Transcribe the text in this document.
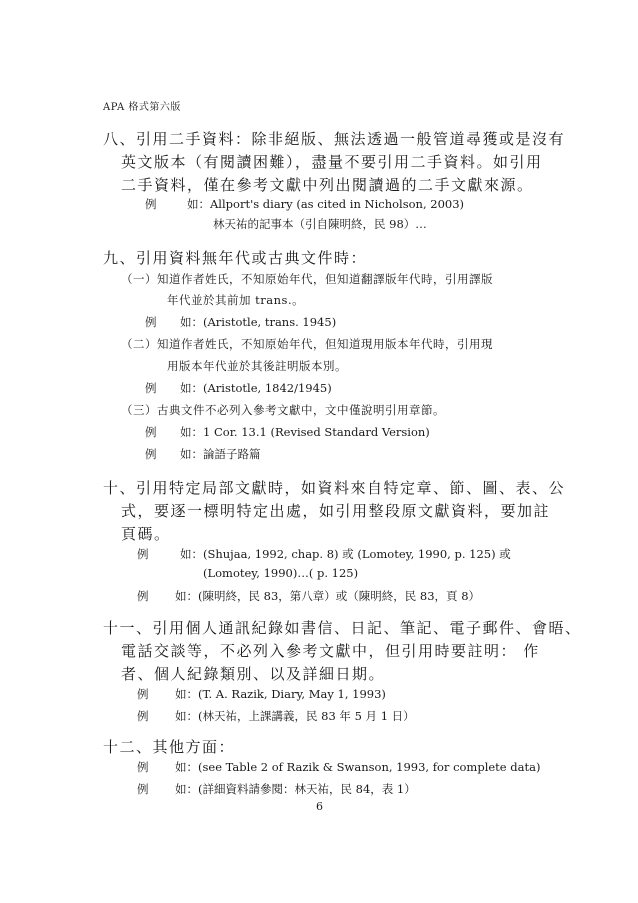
APA 格式第六版
八、引用二手資料：除非絕版、無法透過一般管道尋獲或是沒有
英文版本（有閱讀困難），盡量不要引用二手資料。如引用
二手資料，僅在參考文獻中列出閱讀過的二手文獻來源。
例	如：Allport's diary (as cited in Nicholson, 2003)
林天祐的記事本（引自陳明終，民 98）…
九、引用資料無年代或古典文件時：
（一）知道作者姓氏，不知原始年代，但知道翻譯版年代時，引用譯版
年代並於其前加 trans.。
例 如：(Aristotle, trans. 1945)
（二）知道作者姓氏，不知原始年代，但知道現用版本年代時，引用現
用版本年代並於其後註明版本別。
例 如：(Aristotle, 1842/1945)
（三）古典文件不必列入參考文獻中，文中僅說明引用章節。
例 如：1 Cor. 13.1 (Revised Standard Version)
例 如：論語子路篇
十、引用特定局部文獻時，如資料來自特定章、節、圖、表、公
式，要逐一標明特定出處，如引用整段原文獻資料，要加註
頁碼。
例	如：(Shujaa, 1992, chap. 8) 或 (Lomotey, 1990, p. 125) 或
(Lomotey, 1990)…( p. 125)
例 如：(陳明終，民 83，第八章）或（陳明終，民 83，頁 8）
十一、引用個人通訊紀錄如書信、日記、筆記、電子郵件、會晤、
電話交談等，不必列入參考文獻中，但引用時要註明： 作
者、個人紀錄類別、以及詳細日期。
例 如：(T. A. Razik, Diary, May 1, 1993)
例 如：(林天祐，上課講義，民 83 年 5 月 1 日）
十二、其他方面：
例 如：(see Table 2 of Razik & Swanson, 1993, for complete data)
例 如：(詳細資料請參閱：林天祐，民 84，表 1）
6
